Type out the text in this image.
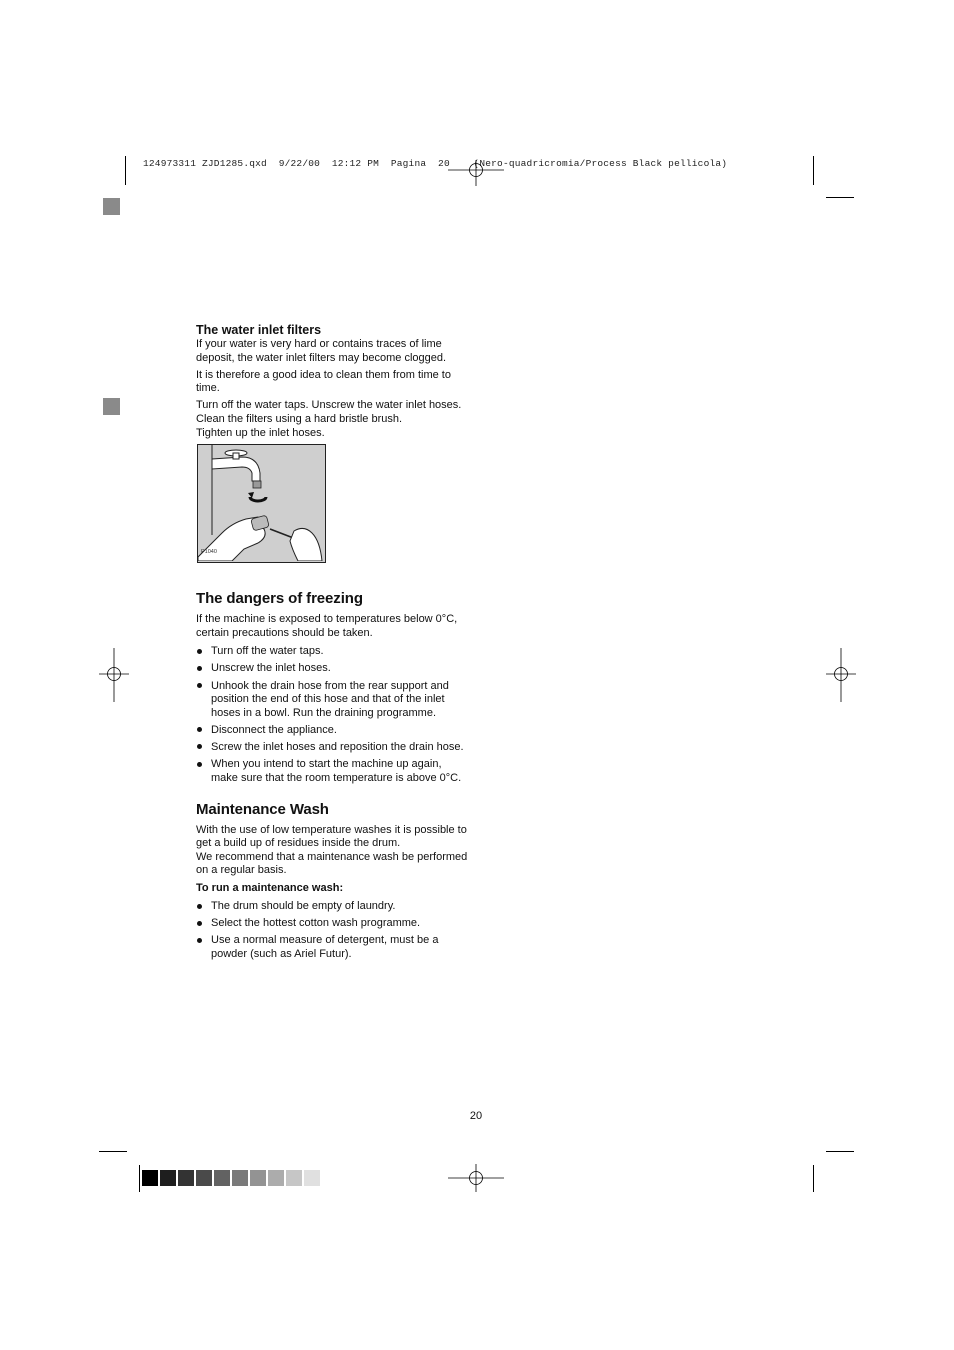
124973311 ZJD1285.qxd  9/22/00  12:12 PM  Pagina  20    (Nero-quadricromia/Process Black pellicola)
The water inlet filters

If your water is very hard or contains traces of lime deposit, the water inlet filters may become clogged.

It is therefore a good idea to clean them from time to time.

Turn off the water taps. Unscrew the water inlet hoses.
Clean the filters using a hard bristle brush.
Tighten up the inlet hoses.
P1040
The dangers of freezing

If the machine is exposed to temperatures below 0°C, certain precautions should be taken.

Turn off the water taps.
Unscrew the inlet hoses.
Unhook the drain hose from the rear support and position the end of this hose and that of the inlet hoses in a bowl. Run the draining programme.
Disconnect the appliance.
Screw the inlet hoses and reposition the drain hose.
When you intend to start the machine up again, make sure that the room temperature is above 0°C.
Maintenance Wash
With the use of low temperature washes it is possible to get a build up of residues inside the drum.

We recommend that a maintenance wash be performed on a regular basis.

To run a maintenance wash:

The drum should be empty of laundry.
Select the hottest cotton wash programme.
Use a normal measure of detergent, must be a powder (such as Ariel Futur).
20
